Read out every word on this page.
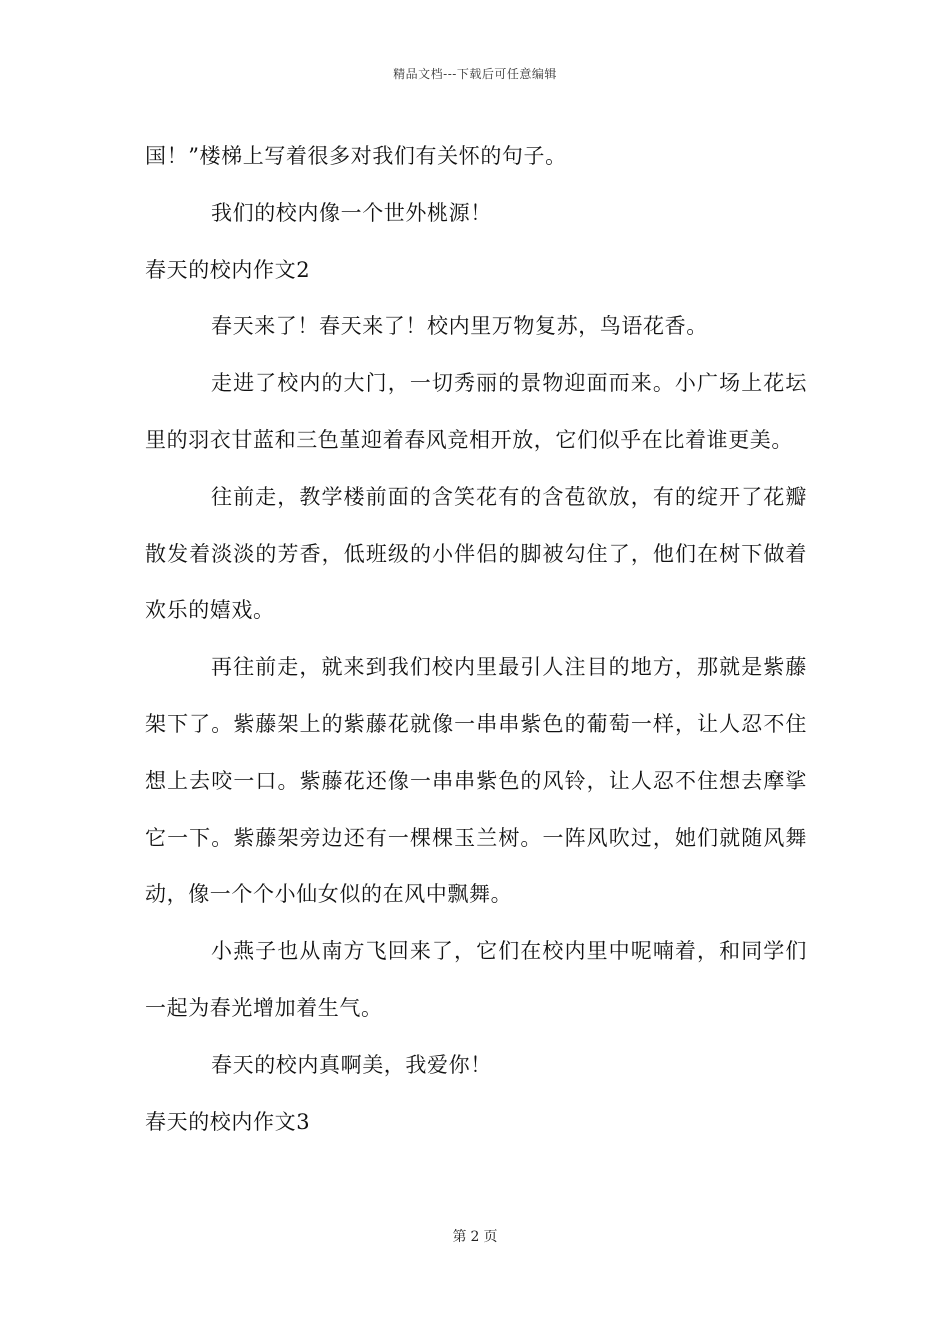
精品文档---下载后可任意编辑

国！”楼梯上写着很多对我们有关怀的句子。

我们的校内像一个世外桃源！

春天的校内作文2

春天来了！春天来了！校内里万物复苏，鸟语花香。

走进了校内的大门，一切秀丽的景物迎面而来。小广场上花坛里的羽衣甘蓝和三色堇迎着春风竞相开放，它们似乎在比着谁更美。

往前走，教学楼前面的含笑花有的含苞欲放，有的绽开了花瓣散发着淡淡的芳香，低班级的小伴侣的脚被勾住了，他们在树下做着欢乐的嬉戏。

再往前走，就来到我们校内里最引人注目的地方，那就是紫藤架下了。紫藤架上的紫藤花就像一串串紫色的葡萄一样，让人忍不住想上去咬一口。紫藤花还像一串串紫色的风铃，让人忍不住想去摩挲它一下。紫藤架旁边还有一棵棵玉兰树。一阵风吹过，她们就随风舞动，像一个个小仙女似的在风中飘舞。

小燕子也从南方飞回来了，它们在校内里中呢喃着，和同学们一起为春光增加着生气。

春天的校内真啊美，我爱你！

春天的校内作文3

第 2 页
